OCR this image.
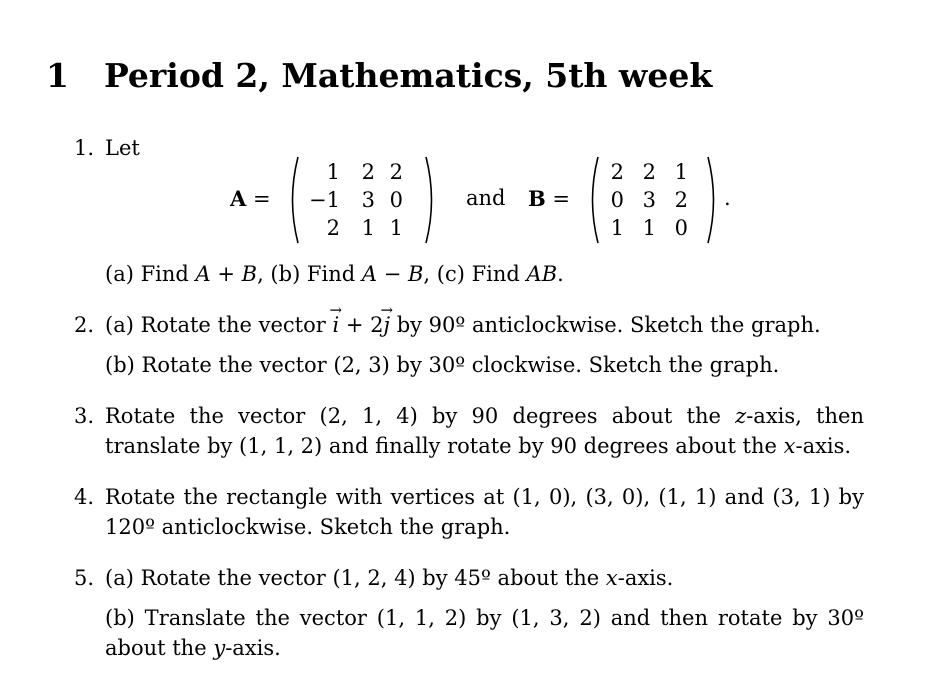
1 Period 2, Mathematics, 5th week
1. Let
A =
1	2 2
−1	3 0
2	1 1
and B =
2 2 1
0 3 2
1 1 0
.
(a) Find A + B, (b) Find A − B, (c) Find AB.
2. (a) Rotate the vector → i + 2→ j by 90º anticlockwise. Sketch the graph.
(b) Rotate the vector (2, 3) by 30º clockwise. Sketch the graph.
3. Rotate the vector (2, 1, 4) by 90 degrees about the z-axis, then translate by (1, 1, 2) and finally rotate by 90 degrees about the x-axis.
4. Rotate the rectangle with vertices at (1, 0), (3, 0), (1, 1) and (3, 1) by 120º anticlockwise. Sketch the graph.
5. (a) Rotate the vector (1, 2, 4) by 45º about the x-axis.
(b) Translate the vector (1, 1, 2) by (1, 3, 2) and then rotate by 30º about the y-axis.
